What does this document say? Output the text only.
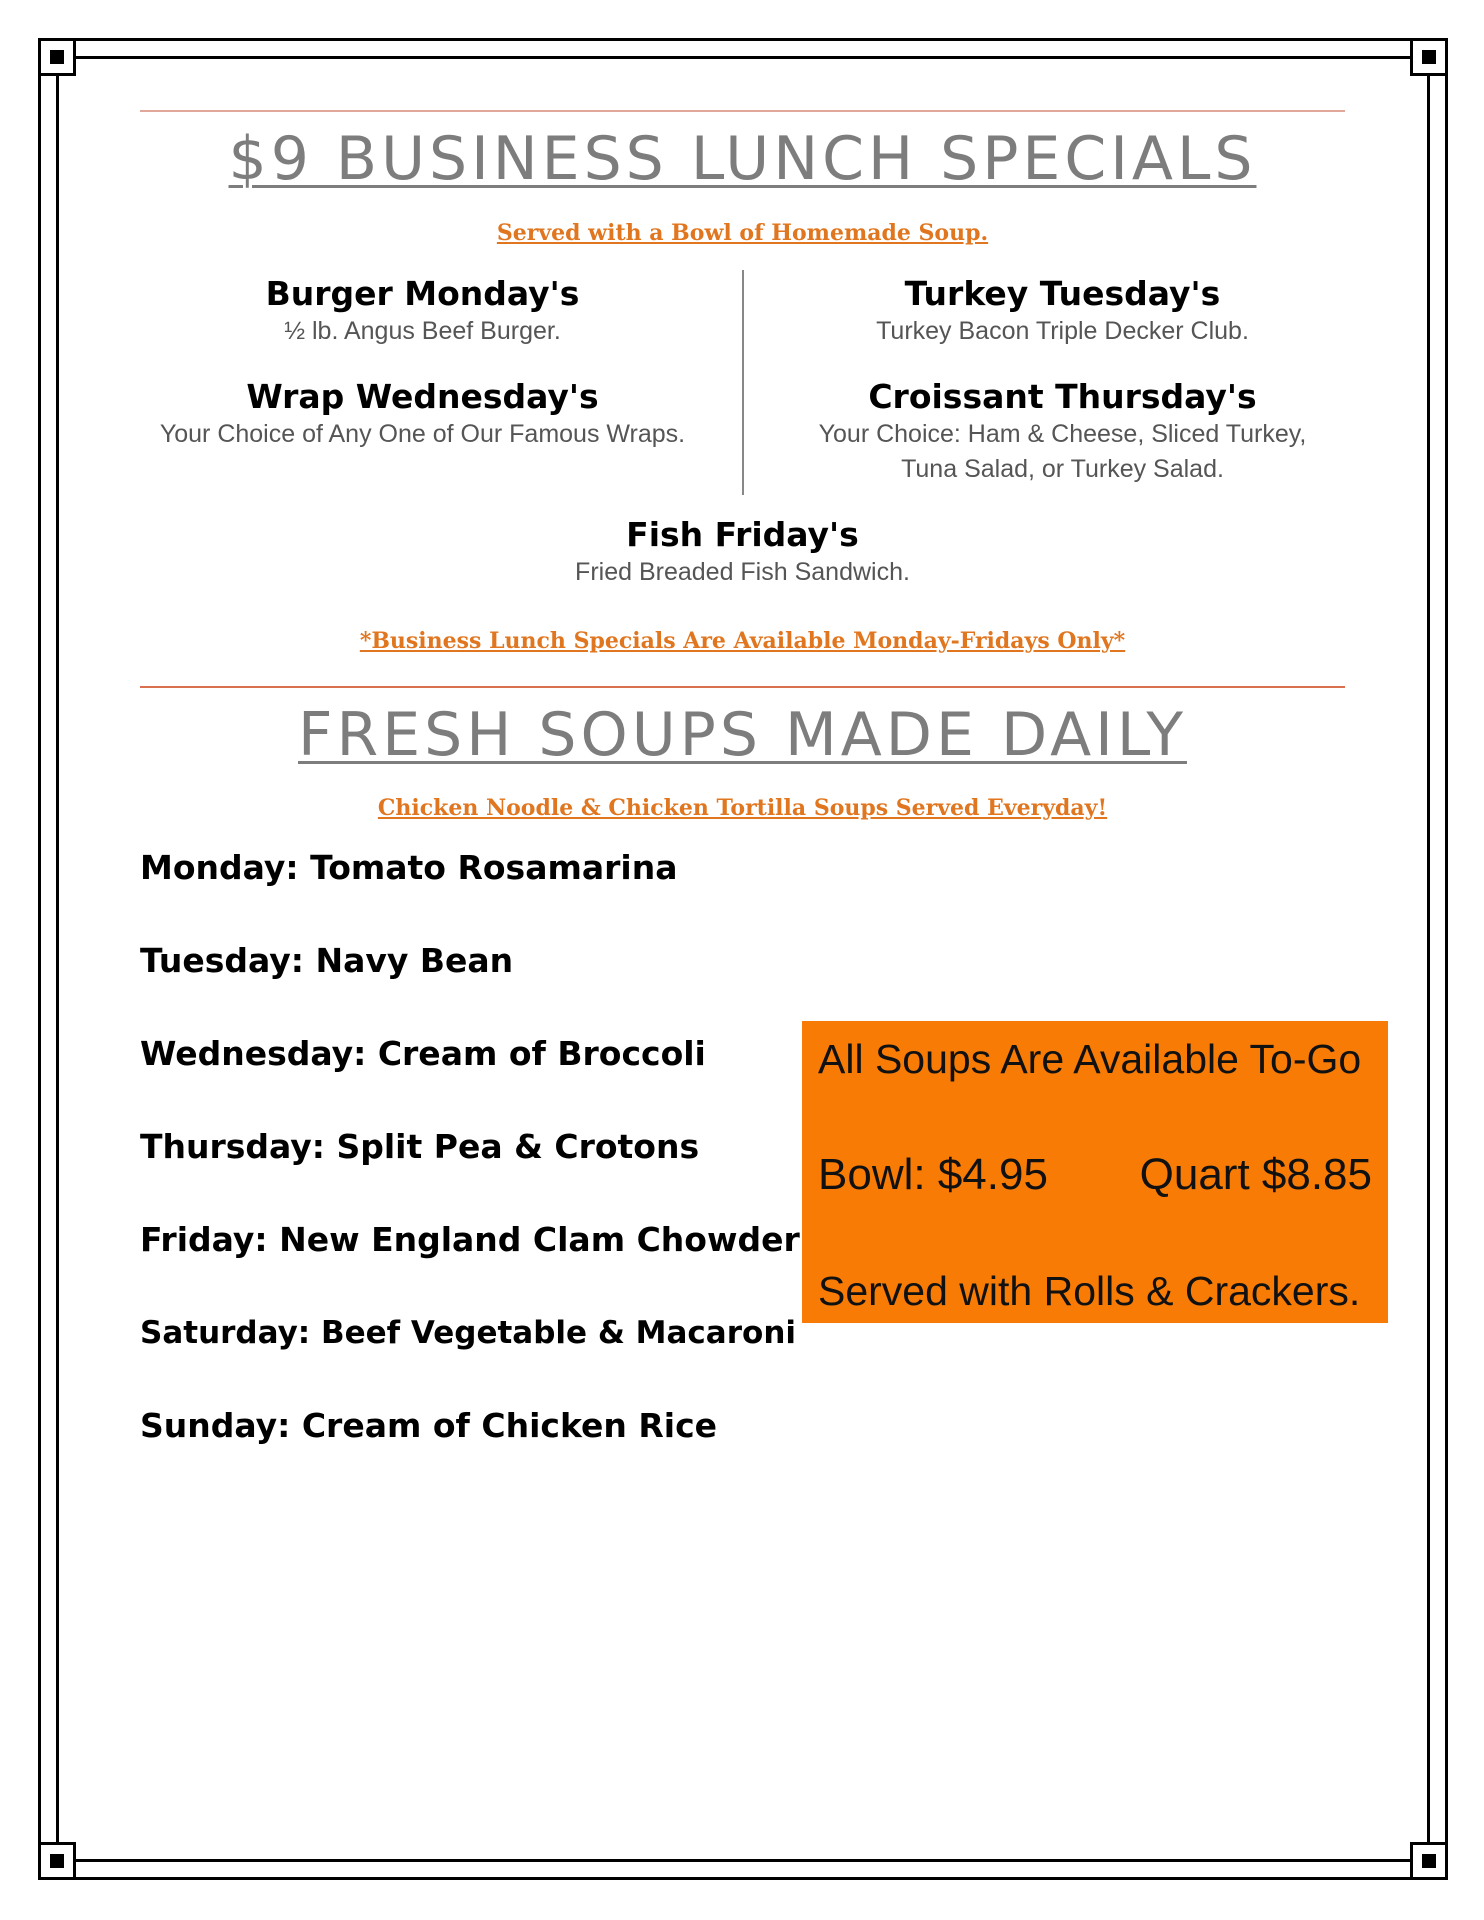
$9 BUSINESS LUNCH SPECIALS

Served with a Bowl of Homemade Soup.

Burger Monday's
½ lb. Angus Beef Burger.
Turkey Tuesday's
Turkey Bacon Triple Decker Club.
Wrap Wednesday's
Your Choice of Any One of Our Famous Wraps.
Croissant Thursday's
Your Choice: Ham & Cheese, Sliced Turkey,
Tuna Salad, or Turkey Salad.
Fish Friday's
Fried Breaded Fish Sandwich.

*Business Lunch Specials Are Available Monday-Fridays Only*

FRESH SOUPS MADE DAILY

Chicken Noodle & Chicken Tortilla Soups Served Everyday!

Monday: Tomato Rosamarina
Tuesday: Navy Bean
Wednesday: Cream of Broccoli
Thursday: Split Pea & Crotons
Friday: New England Clam Chowder
Saturday: Beef Vegetable & Macaroni
Sunday: Cream of Chicken Rice
All Soups Are Available To-Go
Bowl: $4.95 Quart $8.85
Served with Rolls & Crackers.
